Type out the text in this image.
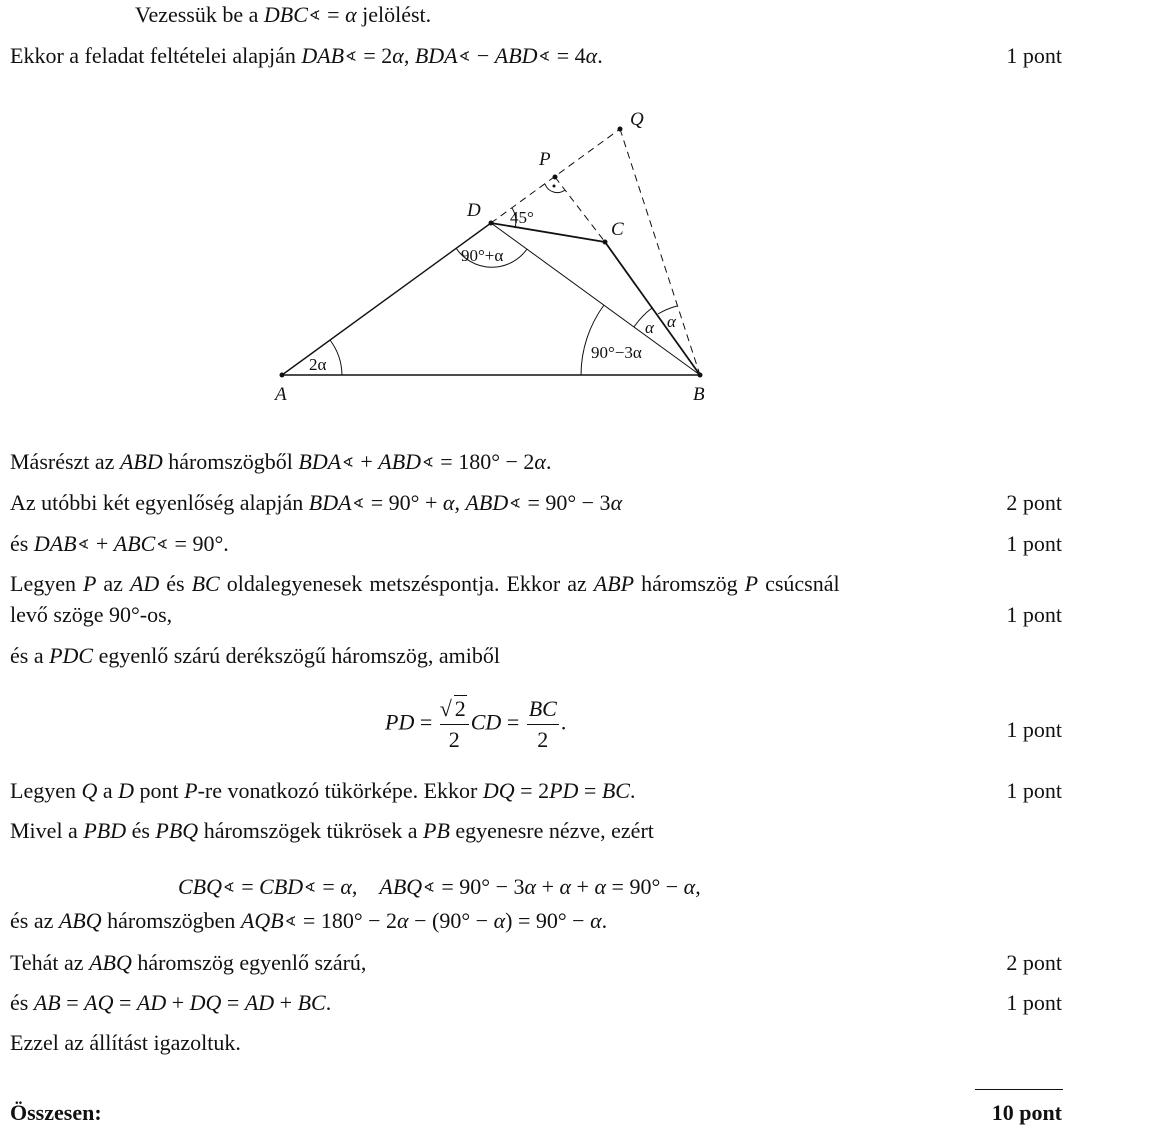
Vezessük be a DBC∢ = α jelölést.
Ekkor a feladat feltételei alapján DAB∢ = 2α, BDA∢ − ABD∢ = 4α.	1 pont
A	B
C
D
P
Q
2α
45°
90°+α
90°−3α
α α
Másrészt az ABD háromszögből BDA∢ + ABD∢ = 180° − 2α.
Az utóbbi két egyenlőség alapján BDA∢ = 90° + α, ABD∢ = 90° − 3α	2 pont
és DAB∢ + ABC∢ = 90°.	1 pont
Legyen P az AD és BC oldalegyenesek metszéspontja. Ekkor az ABP háromszög P csúcsnál
levő szöge 90°-os,	1 pont
és a PDC egyenlő szárú derékszögű háromszög, amiből
PD =
√ $\frac{2}{2}$ CD = $\frac{BC}{2}$ .	1 pont
Legyen Q a D pont P-re vonatkozó tükörképe. Ekkor DQ = 2PD = BC.	1 pont
Mivel a PBD és PBQ háromszögek tükrösek a PB egyenesre nézve, ezért
CBQ∢ = CBD∢ = α,    ABQ∢ = 90° − 3α + α + α = 90° − α,
és az ABQ háromszögben AQB∢ = 180° − 2α − (90° − α) = 90° − α.
Tehát az ABQ háromszög egyenlő szárú,	2 pont
és AB = AQ = AD + DQ = AD + BC.	1 pont
Ezzel az állítást igazoltuk.
Összesen:	10 pont
